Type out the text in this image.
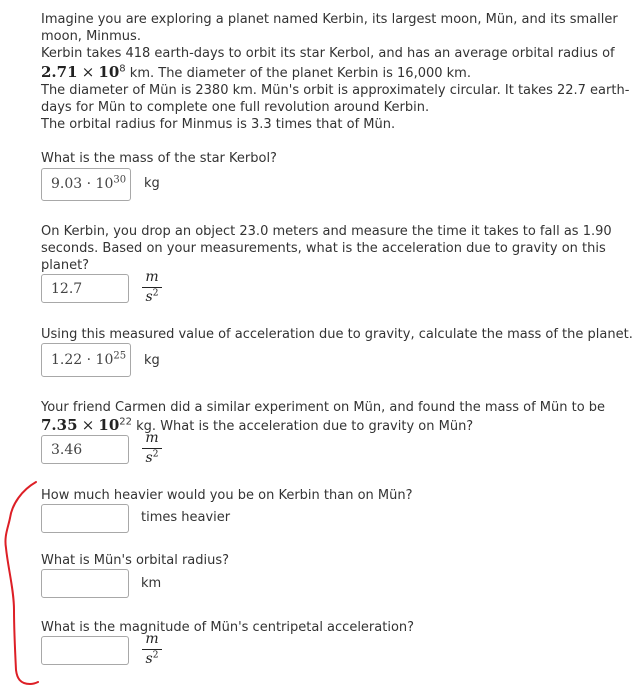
Imagine you are exploring a planet named Kerbin, its largest moon, Mün, and its smaller
moon, Minmus.
Kerbin takes 418 earth-days to orbit its star Kerbol, and has an average orbital radius of
$2.71 \times 10^8$ km. The diameter of the planet Kerbin is 16,000 km.
The diameter of Mün is 2380 km. Mün's orbit is approximately circular. It takes 22.7 earth-
days for Mün to complete one full revolution around Kerbin.
The orbital radius for Minmus is 3.3 times that of Mün.
What is the mass of the star Kerbol?
$9.03 \cdot 10^{30}$	kg
On Kerbin, you drop an object 23.0 meters and measure the time it takes to fall as 1.90
seconds. Based on your measurements, what is the acceleration due to gravity on this
planet?
12.7
m
$s^2$
Using this measured value of acceleration due to gravity, calculate the mass of the planet.
$1.22 \cdot 10^{25}$	kg
Your friend Carmen did a similar experiment on Mün, and found the mass of Mün to be
$7.35 \times 10^{22}$ kg. What is the acceleration due to gravity on Mün?
3.46
m
$s^2$
How much heavier would you be on Kerbin than on Mün?
times heavier
What is Mün's orbital radius?
km
What is the magnitude of Mün's centripetal acceleration?
m
$s^2$
